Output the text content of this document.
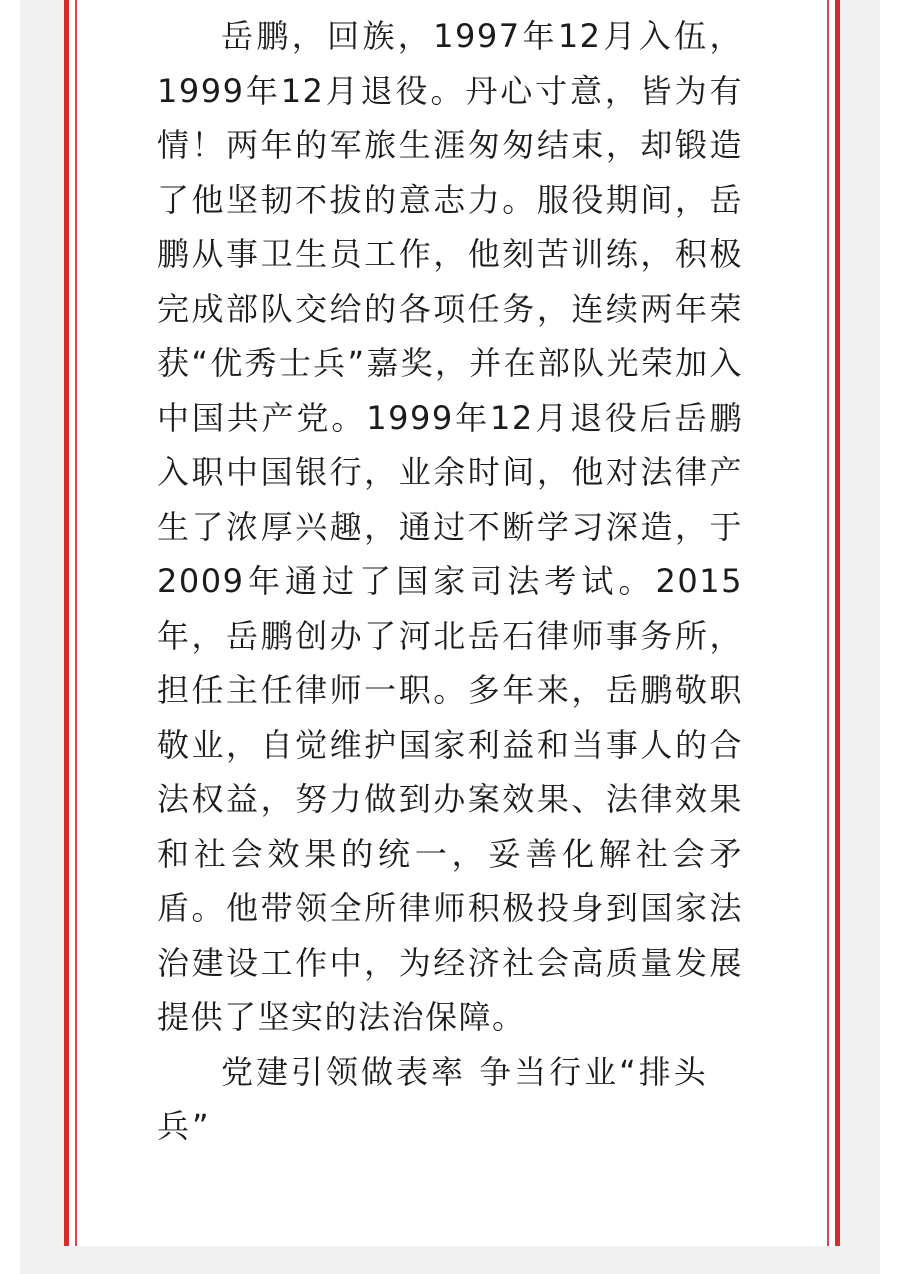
岳鹏，回族，1997年12月入伍，1999年12月退役。丹心寸意，皆为有情！两年的军旅生涯匆匆结束，却锻造了他坚韧不拔的意志力。服役期间，岳鹏从事卫生员工作，他刻苦训练，积极完成部队交给的各项任务，连续两年荣获“优秀士兵”嘉奖，并在部队光荣加入中国共产党。1999年12月退役后岳鹏入职中国银行，业余时间，他对法律产生了浓厚兴趣，通过不断学习深造，于2009年通过了国家司法考试。2015年，岳鹏创办了河北岳石律师事务所，担任主任律师一职。多年来，岳鹏敬职敬业，自觉维护国家利益和当事人的合法权益，努力做到办案效果、法律效果和社会效果的统一，妥善化解社会矛盾。他带领全所律师积极投身到国家法治建设工作中，为经济社会高质量发展提供了坚实的法治保障。

党建引领做表率 争当行业“排头兵”
